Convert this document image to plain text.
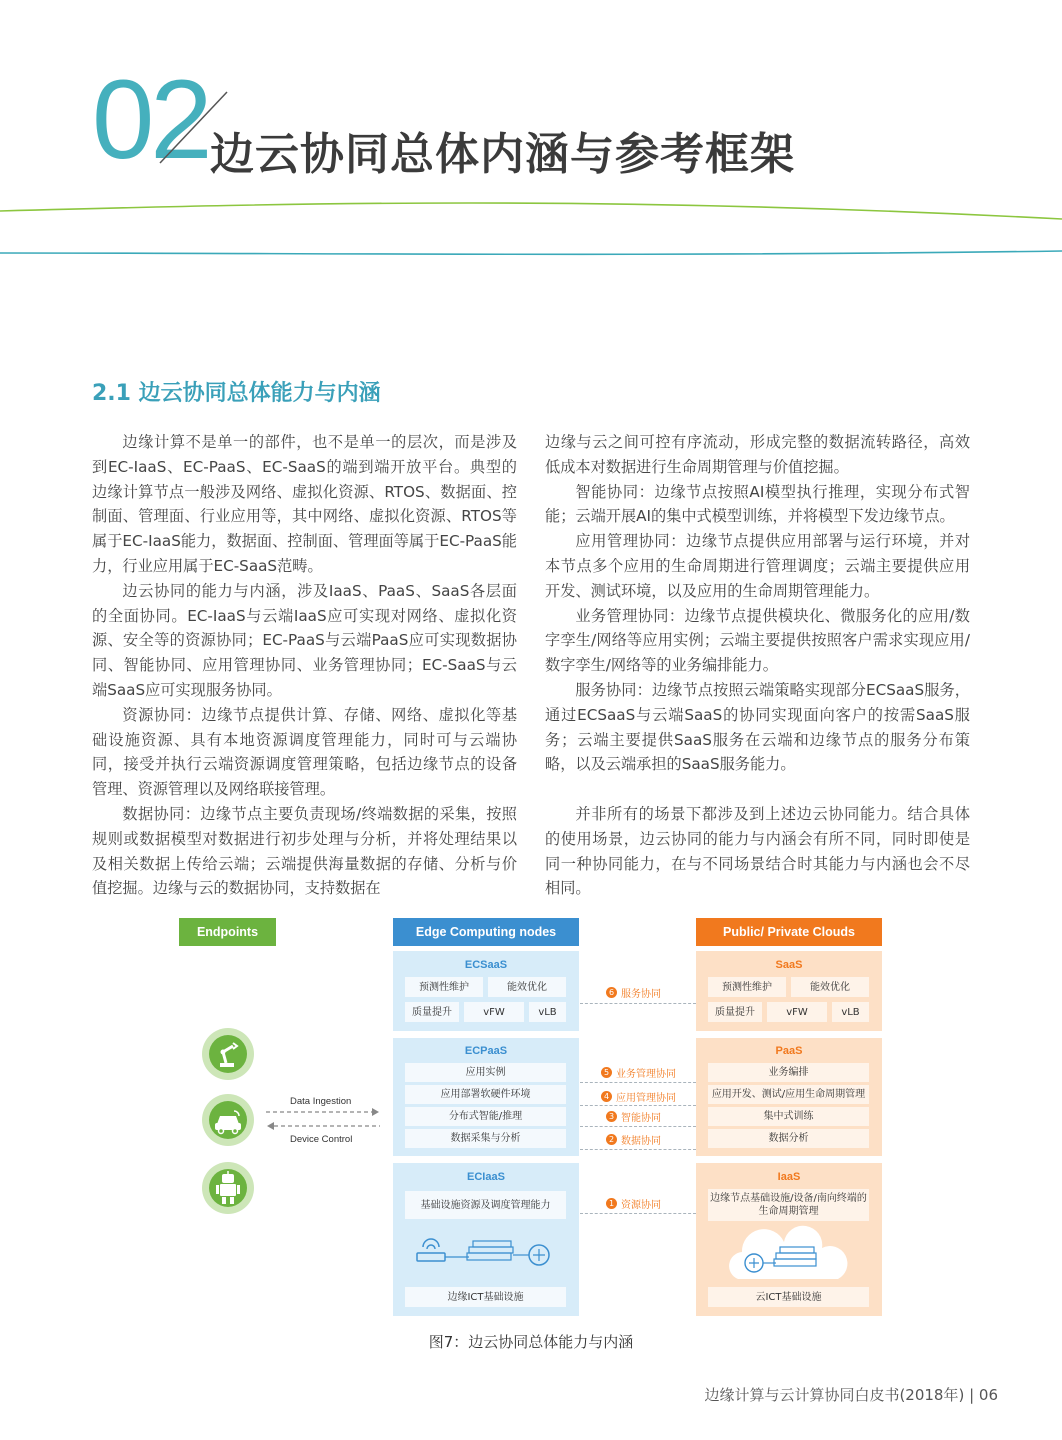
02 边云协同总体内涵与参考框架
2.1 边云协同总体能力与内涵

边缘计算不是单一的部件，也不是单一的层次，而是涉及到EC-IaaS、EC-PaaS、EC-SaaS的端到端开放平台。典型的边缘计算节点一般涉及网络、虚拟化资源、RTOS、数据面、控制面、管理面、行业应用等，其中网络、虚拟化资源、RTOS等属于EC-IaaS能力，数据面、控制面、管理面等属于EC-PaaS能力，行业应用属于EC-SaaS范畴。

边云协同的能力与内涵，涉及IaaS、PaaS、SaaS各层面的全面协同。EC-IaaS与云端IaaS应可实现对网络、虚拟化资源、安全等的资源协同；EC-PaaS与云端PaaS应可实现数据协同、智能协同、应用管理协同、业务管理协同；EC-SaaS与云端SaaS应可实现服务协同。

资源协同：边缘节点提供计算、存储、网络、虚拟化等基础设施资源、具有本地资源调度管理能力，同时可与云端协同，接受并执行云端资源调度管理策略，包括边缘节点的设备管理、资源管理以及网络联接管理。

数据协同：边缘节点主要负责现场/终端数据的采集，按照规则或数据模型对数据进行初步处理与分析，并将处理结果以及相关数据上传给云端；云端提供海量数据的存储、分析与价值挖掘。边缘与云的数据协同，支持数据在

边缘与云之间可控有序流动，形成完整的数据流转路径，高效低成本对数据进行生命周期管理与价值挖掘。

智能协同：边缘节点按照AI模型执行推理，实现分布式智能；云端开展AI的集中式模型训练，并将模型下发边缘节点。

应用管理协同：边缘节点提供应用部署与运行环境，并对本节点多个应用的生命周期进行管理调度；云端主要提供应用开发、测试环境，以及应用的生命周期管理能力。

业务管理协同：边缘节点提供模块化、微服务化的应用/数字孪生/网络等应用实例；云端主要提供按照客户需求实现应用/数字孪生/网络等的业务编排能力。

服务协同：边缘节点按照云端策略实现部分ECSaaS服务，通过ECSaaS与云端SaaS的协同实现面向客户的按需SaaS服务；云端主要提供SaaS服务在云端和边缘节点的服务分布策略，以及云端承担的SaaS服务能力。

并非所有的场景下都涉及到上述边云协同能力。结合具体的使用场景，边云协同的能力与内涵会有所不同，同时即使是同一种协同能力，在与不同场景结合时其能力与内涵也会不尽相同。

Endpoints	Edge Computing nodes	Public/ Private Clouds
Data Ingestion
Device Control
ECSaaS
预测性维护	能效优化
质量提升	vFW	vLB
ECPaaS
应用实例
应用部署软硬件环境
分布式智能/推理
数据采集与分析
ECIaaS
基础设施资源及调度管理能力
边缘ICT基础设施
SaaS
预测性维护	能效优化
质量提升	vFW	vLB
PaaS
业务编排
应用开发、测试/应用生命周期管理
集中式训练
数据分析
IaaS
边缘节点基础设施/设备/南向终端的生命周期管理
云ICT基础设施
6 服务协同
5 业务管理协同
4 应用管理协同
3 智能协同
2 数据协同
1 资源协同
图7：边云协同总体能力与内涵
边缘计算与云计算协同白皮书(2018年) | 06
